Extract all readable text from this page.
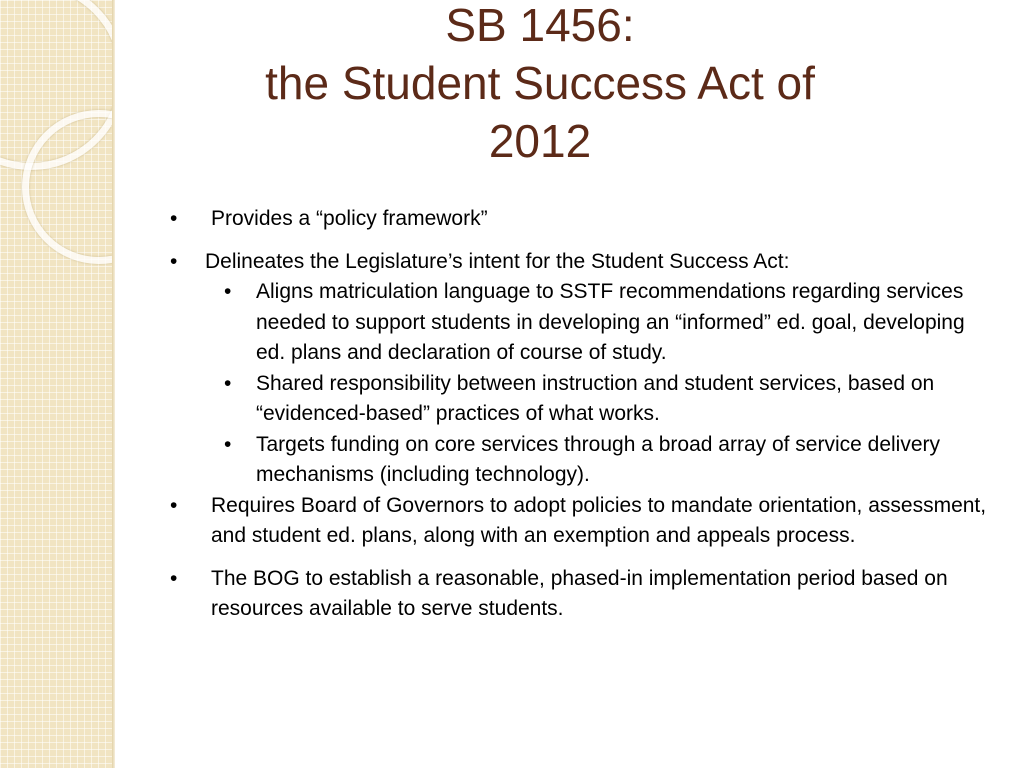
SB 1456:
the Student Success Act of
2012
• Provides a “policy framework”
• Delineates the Legislature’s intent for the Student Success Act:
• Aligns matriculation language to SSTF recommendations regarding services needed to support students in developing an “informed” ed. goal, developing ed. plans and declaration of course of study.
• Shared responsibility between instruction and student services, based on “evidenced-based” practices of what works.
• Targets funding on core services through a broad array of service delivery mechanisms (including technology).
• Requires Board of Governors to adopt policies to mandate orientation, assessment, and student ed. plans, along with an exemption and appeals process.
• The BOG to establish a reasonable, phased-in implementation period based on resources available to serve students.
